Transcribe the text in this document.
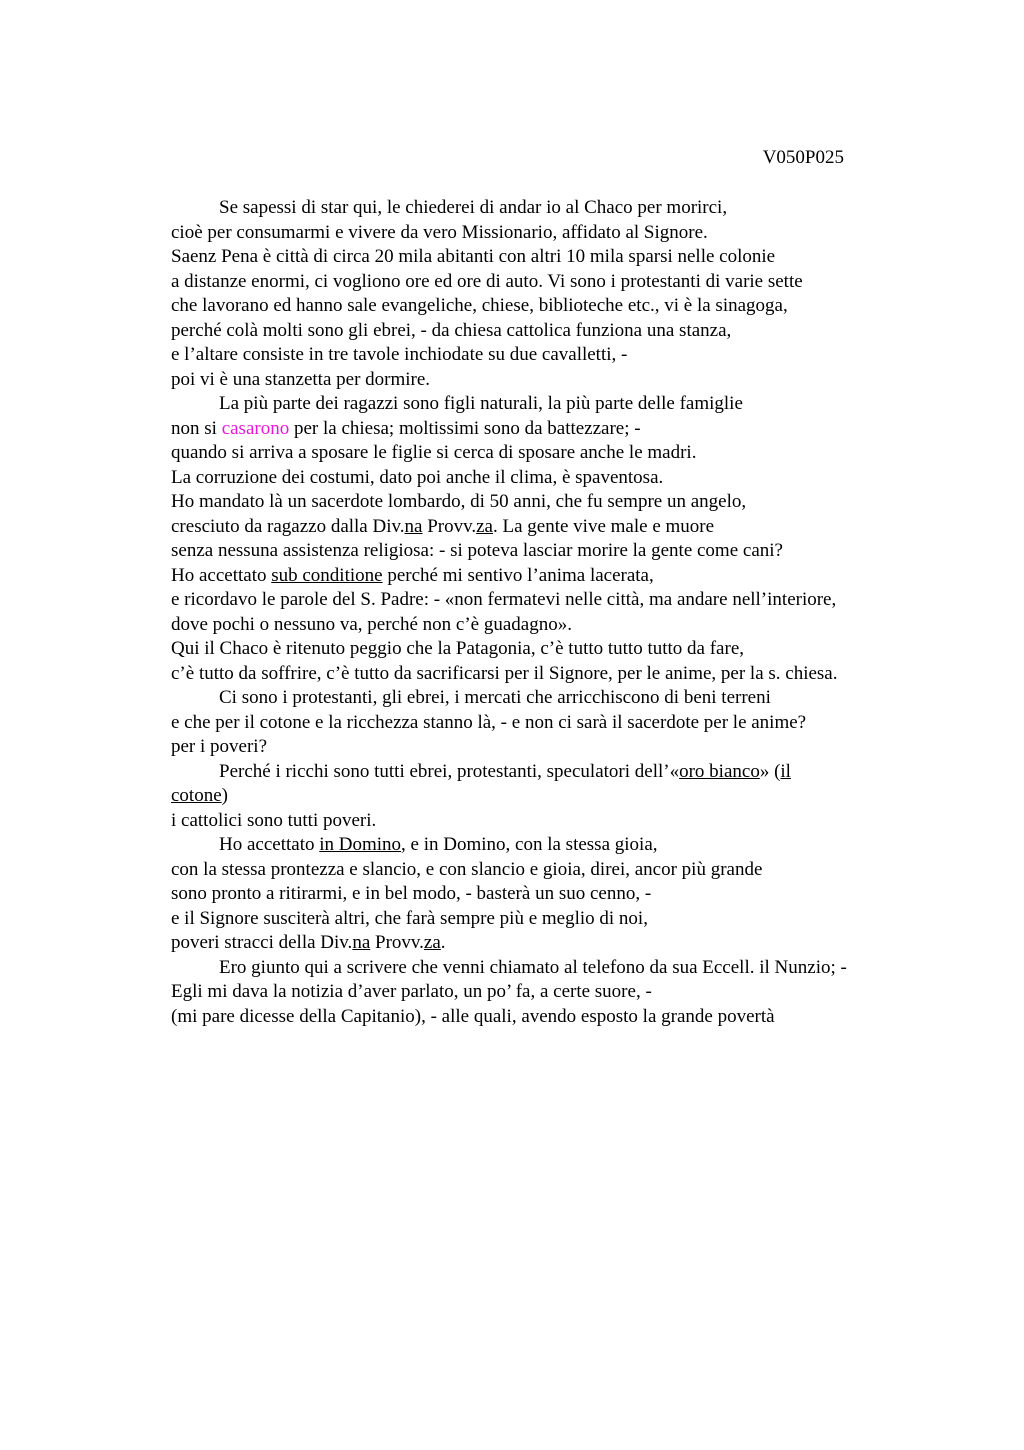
V050P025
Se sapessi di star qui, le chiederei di andar io al Chaco per morirci,
cioè per consumarmi e vivere da vero Missionario, affidato al Signore.
Saenz Pena è città di circa 20 mila abitanti con altri 10 mila sparsi nelle colonie
a distanze enormi, ci vogliono ore ed ore di auto. Vi sono i protestanti di varie sette
che lavorano ed hanno sale evangeliche, chiese, biblioteche etc., vi è la sinagoga,
perché colà molti sono gli ebrei, - da chiesa cattolica funziona una stanza,
e l’altare consiste in tre tavole inchiodate su due cavalletti, -
poi vi è una stanzetta per dormire.
La più parte dei ragazzi sono figli naturali, la più parte delle famiglie
non si casarono per la chiesa; moltissimi sono da battezzare; -
quando si arriva a sposare le figlie si cerca di sposare anche le madri.
La corruzione dei costumi, dato poi anche il clima, è spaventosa.
Ho mandato là un sacerdote lombardo, di 50 anni, che fu sempre un angelo,
cresciuto da ragazzo dalla Div.na Provv.za. La gente vive male e muore
senza nessuna assistenza religiosa: - si poteva lasciar morire la gente come cani?
Ho accettato sub conditione perché mi sentivo l’anima lacerata,
e ricordavo le parole del S. Padre: - «non fermatevi nelle città, ma andare nell’interiore,
dove pochi o nessuno va, perché non c’è guadagno».
Qui il Chaco è ritenuto peggio che la Patagonia, c’è tutto tutto tutto da fare,
c’è tutto da soffrire, c’è tutto da sacrificarsi per il Signore, per le anime, per la s. chiesa.
Ci sono i protestanti, gli ebrei, i mercati che arricchiscono di beni terreni
e che per il cotone e la ricchezza stanno là, - e non ci sarà il sacerdote per le anime?
per i poveri?
Perché i ricchi sono tutti ebrei, protestanti, speculatori dell’«oro bianco» (il
cotone)
i cattolici sono tutti poveri.
Ho accettato in Domino, e in Domino, con la stessa gioia,
con la stessa prontezza e slancio, e con slancio e gioia, direi, ancor più grande
sono pronto a ritirarmi, e in bel modo, - basterà un suo cenno, -
e il Signore susciterà altri, che farà sempre più e meglio di noi,
poveri stracci della Div.na Provv.za.
Ero giunto qui a scrivere che venni chiamato al telefono da sua Eccell. il Nunzio; -
Egli mi dava la notizia d’aver parlato, un po’ fa, a certe suore, -
(mi pare dicesse della Capitanio), - alle quali, avendo esposto la grande povertà
